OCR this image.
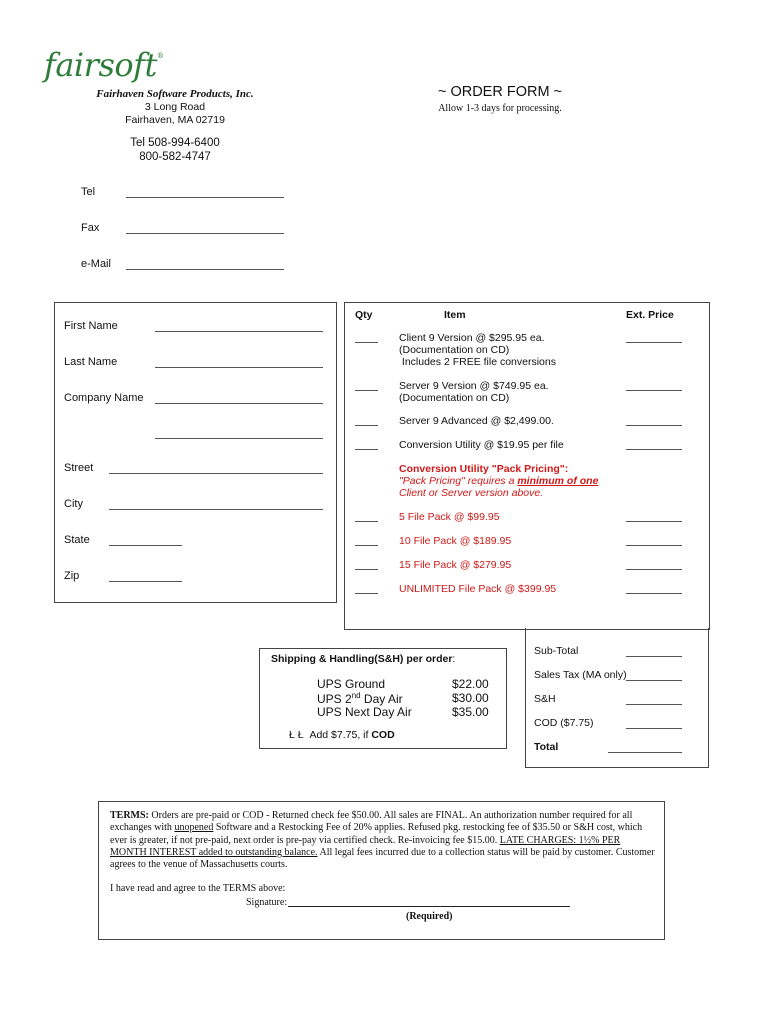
fairsoft®
Fairhaven Software Products, Inc.
3 Long Road
Fairhaven, MA 02719
~ ORDER FORM ~
Allow 1-3 days for processing.
Tel 508-994-6400
800-582-4747
Tel
Fax
e-Mail
First Name
Last Name
Company Name
Street
City
State
Zip
Qty	Item	Ext. Price
Client 9 Version @ $295.95 ea.
(Documentation on CD)
Includes 2 FREE file conversions
Server 9 Version @ $749.95 ea.
(Documentation on CD)
Server 9 Advanced @ $2,499.00.
Conversion Utility @ $19.95 per file
Conversion Utility "Pack Pricing":
"Pack Pricing" requires a minimum of one
Client or Server version above.
5 File Pack @ $99.95
10 File Pack @ $189.95
15 File Pack @ $279.95
UNLIMITED File Pack @ $399.95
Shipping & Handling(S&H) per order:
UPS Ground	$22.00
UPS 2nd Day Air	$30.00
UPS Next Day Air	$35.00
Ł Ł Add $7.75, if COD
Sub-Total
Sales Tax (MA only)
S&H
COD ($7.75)
Total
TERMS: Orders are pre-paid or COD - Returned check fee $50.00. All sales are FINAL. An authorization number required for all exchanges with unopened Software and a Restocking Fee of 20% applies. Refused pkg. restocking fee of $35.50 or S&H cost, which ever is greater, if not pre-paid, next order is pre-pay via certified check. Re-invoicing fee $15.00. LATE CHARGES: 1½% PER MONTH INTEREST added to outstanding balance. All legal fees incurred due to a collection status will be paid by customer. Customer agrees to the venue of Massachusetts courts.
I have read and agree to the TERMS above:
Signature:
(Required)
